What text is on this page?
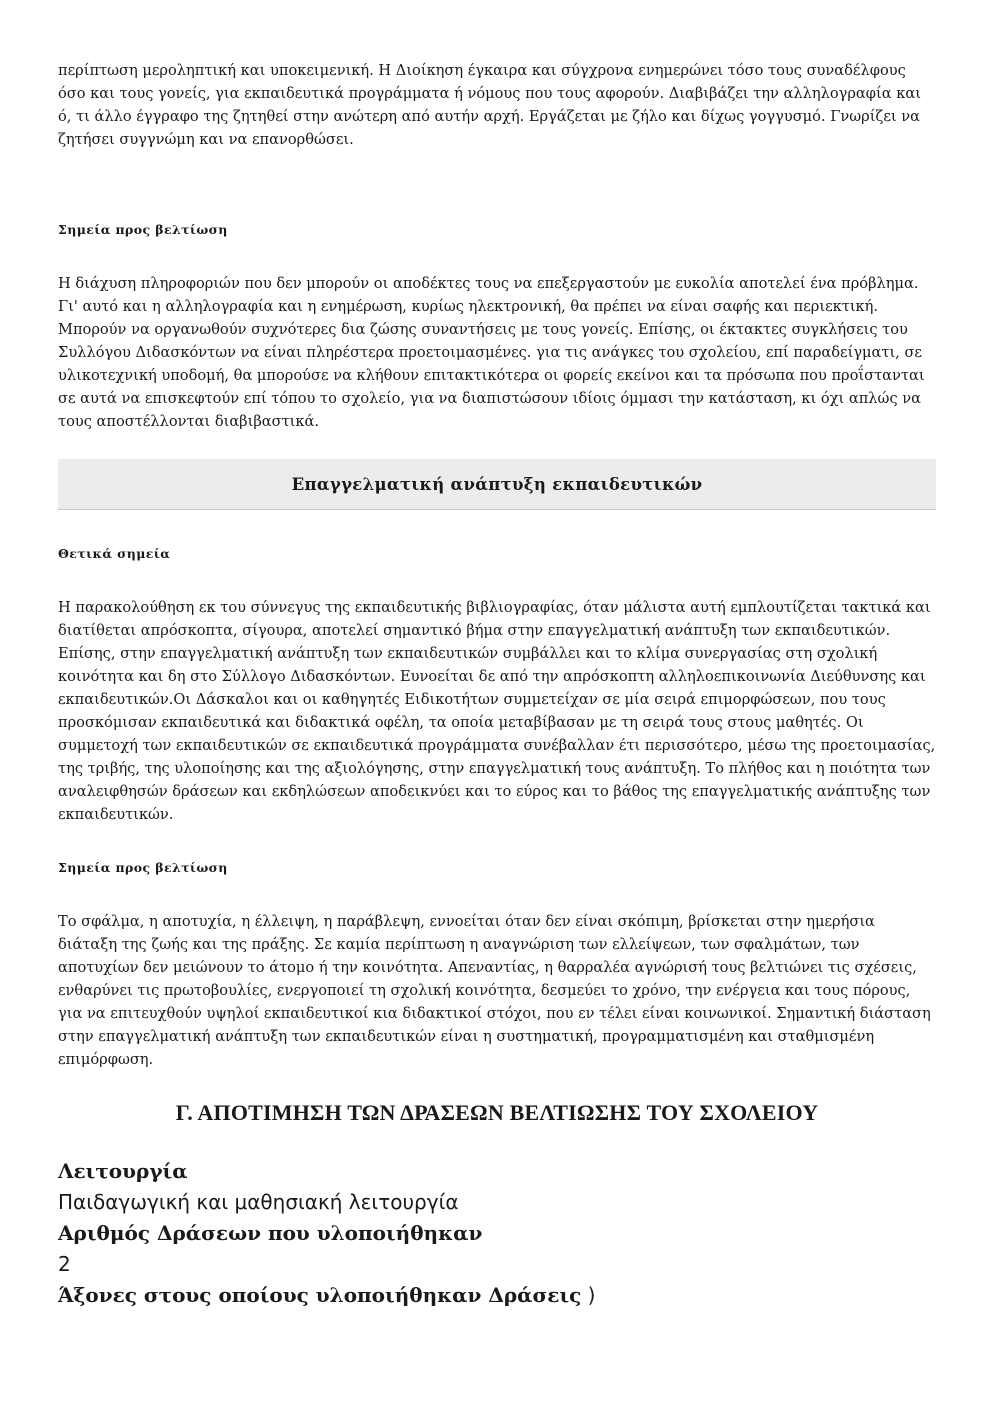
περίπτωση μεροληπτική και υποκειμενική. Η Διοίκηση έγκαιρα και σύγχρονα ενημερώνει τόσο τους συναδέλφους όσο και τους γονείς, για εκπαιδευτικά προγράμματα ή νόμους που τους αφορούν. Διαβιβάζει την αλληλογραφία και ό, τι άλλο έγγραφο της ζητηθεί στην ανώτερη από αυτήν αρχή. Εργάζεται με ζήλο και δίχως γογγυσμό. Γνωρίζει να ζητήσει συγγνώμη και να επανορθώσει.

Σημεία προς βελτίωση

Η διάχυση πληροφοριών που δεν μπορούν οι αποδέκτες τους να επεξεργαστούν με ευκολία αποτελεί ένα πρόβλημα. Γι' αυτό και η αλληλογραφία και η ενημέρωση, κυρίως ηλεκτρονική, θα πρέπει να είναι σαφής και περιεκτική. Μπορούν να οργανωθούν συχνότερες δια ζώσης συναντήσεις με τους γονείς. Επίσης, οι έκτακτες συγκλήσεις του Συλλόγου Διδασκόντων να είναι πληρέστερα προετοιμασμένες. για τις ανάγκες του σχολείου, επί παραδείγματι, σε υλικοτεχνική υποδομή, θα μπορούσε να κλήθουν επιτακτικότερα οι φορείς εκείνοι και τα πρόσωπα που προΐστανται σε αυτά να επισκεφτούν επί τόπου το σχολείο, για να διαπιστώσουν ιδίοις όμμασι την κατάσταση, κι όχι απλώς να τους αποστέλλονται διαβιβαστικά.

Επαγγελματική ανάπτυξη εκπαιδευτικών

Θετικά σημεία

Η παρακολούθηση εκ του σύννεγυς της εκπαιδευτικής βιβλιογραφίας, όταν μάλιστα αυτή εμπλουτίζεται τακτικά και διατίθεται απρόσκοπτα, σίγουρα, αποτελεί σημαντικό βήμα στην επαγγελματική ανάπτυξη των εκπαιδευτικών. Επίσης, στην επαγγελματική ανάπτυξη των εκπαιδευτικών συμβάλλει και το κλίμα συνεργασίας στη σχολική κοινότητα και δη στο Σύλλογο Διδασκόντων. Ευνοείται δε από την απρόσκοπτη αλληλοεπικοινωνία Διεύθυνσης και εκπαιδευτικών.Οι Δάσκαλοι και οι καθηγητές Ειδικοτήτων συμμετείχαν σε μία σειρά επιμορφώσεων, που τους προσκόμισαν εκπαιδευτικά και διδακτικά οφέλη, τα οποία μεταβίβασαν με τη σειρά τους στους μαθητές. Οι συμμετοχή των εκπαιδευτικών σε εκπαιδευτικά προγράμματα συνέβαλλαν έτι περισσότερο, μέσω της προετοιμασίας, της τριβής, της υλοποίησης και της αξιολόγησης, στην επαγγελματική τους ανάπτυξη. Το πλήθος και η ποιότητα των αναλειφθησών δράσεων και εκδηλώσεων αποδεικνύει και το εύρος και το βάθος της επαγγελματικής ανάπτυξης των εκπαιδευτικών.

Σημεία προς βελτίωση

Το σφάλμα, η αποτυχία, η έλλειψη, η παράβλεψη, εννοείται όταν δεν είναι σκόπιμη, βρίσκεται στην ημερήσια διάταξη της ζωής και της πράξης. Σε καμία περίπτωση η αναγνώριση των ελλείψεων, των σφαλμάτων, των αποτυχίων δεν μειώνουν το άτομο ή την κοινότητα. Απεναντίας, η θαρραλέα αγνώρισή τους βελτιώνει τις σχέσεις, ενθαρύνει τις πρωτοβουλίες, ενεργοποιεί τη σχολική κοινότητα, δεσμεύει το χρόνο, την ενέργεια και τους πόρους, για να επιτευχθούν υψηλοί εκπαιδευτικοί κια διδακτικοί στόχοι, που εν τέλει είναι κοινωνικοί. Σημαντική διάσταση στην επαγγελματική ανάπτυξη των εκπαιδευτικών είναι η συστηματική, προγραμματισμένη και σταθμισμένη επιμόρφωση.

Γ. ΑΠΟΤΙΜΗΣΗ ΤΩΝ ΔΡΑΣΕΩΝ ΒΕΛΤΙΩΣΗΣ ΤΟΥ ΣΧΟΛΕΙΟΥ

Λειτουργία

Παιδαγωγική και μαθησιακή λειτουργία

Αριθμός Δράσεων που υλοποιήθηκαν

2

Άξονες στους οποίους υλοποιήθηκαν Δράσεις )
